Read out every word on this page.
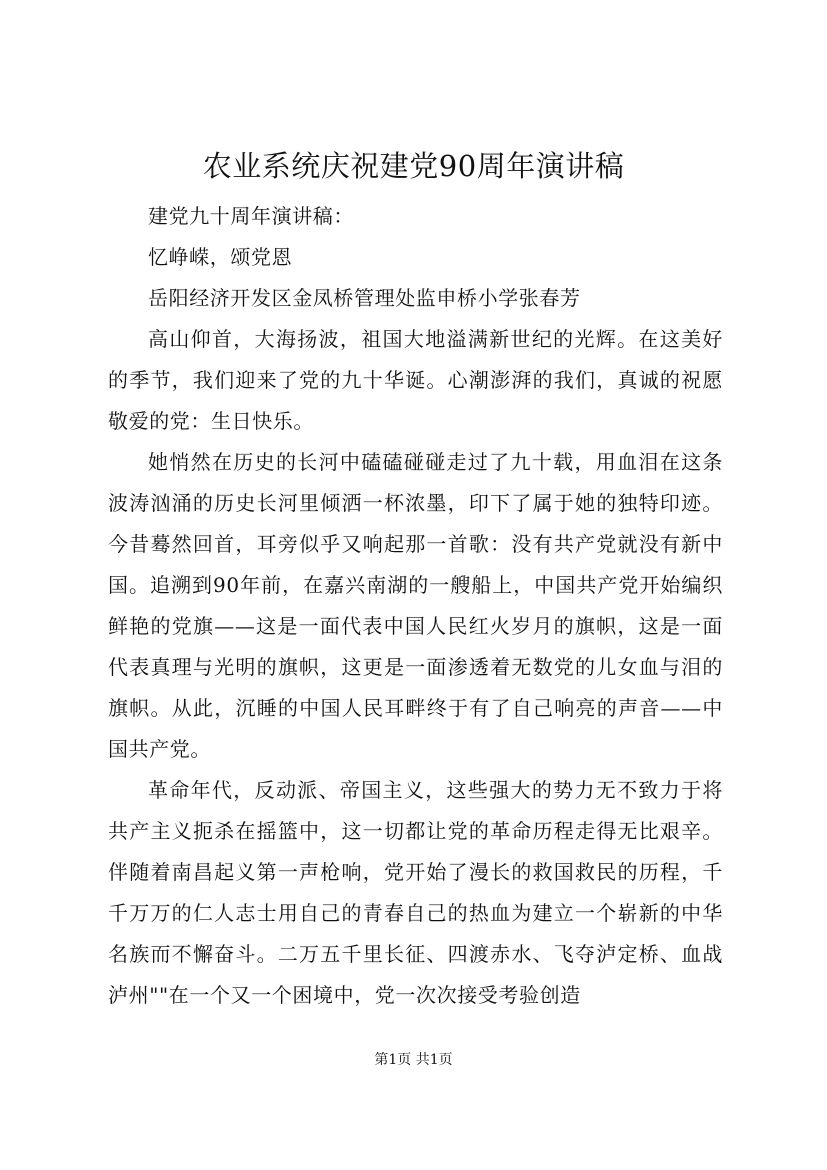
农业系统庆祝建党90周年演讲稿

建党九十周年演讲稿：

忆峥嵘，颂党恩

岳阳经济开发区金凤桥管理处监申桥小学张春芳

高山仰首，大海扬波，祖国大地溢满新世纪的光辉。在这美好的季节，我们迎来了党的九十华诞。心潮澎湃的我们，真诚的祝愿敬爱的党：生日快乐。

她悄然在历史的长河中磕磕碰碰走过了九十载，用血泪在这条波涛汹涌的历史长河里倾洒一杯浓墨，印下了属于她的独特印迹。今昔蓦然回首，耳旁似乎又响起那一首歌：没有共产党就没有新中国。追溯到90年前，在嘉兴南湖的一艘船上，中国共产党开始编织鲜艳的党旗——这是一面代表中国人民红火岁月的旗帜，这是一面代表真理与光明的旗帜，这更是一面渗透着无数党的儿女血与泪的旗帜。从此，沉睡的中国人民耳畔终于有了自己响亮的声音——中国共产党。

革命年代，反动派、帝国主义，这些强大的势力无不致力于将共产主义扼杀在摇篮中，这一切都让党的革命历程走得无比艰辛。伴随着南昌起义第一声枪响，党开始了漫长的救国救民的历程，千千万万的仁人志士用自己的青春自己的热血为建立一个崭新的中华名族而不懈奋斗。二万五千里长征、四渡赤水、飞夺泸定桥、血战泸州""在一个又一个困境中，党一次次接受考验创造

第1页 共1页
